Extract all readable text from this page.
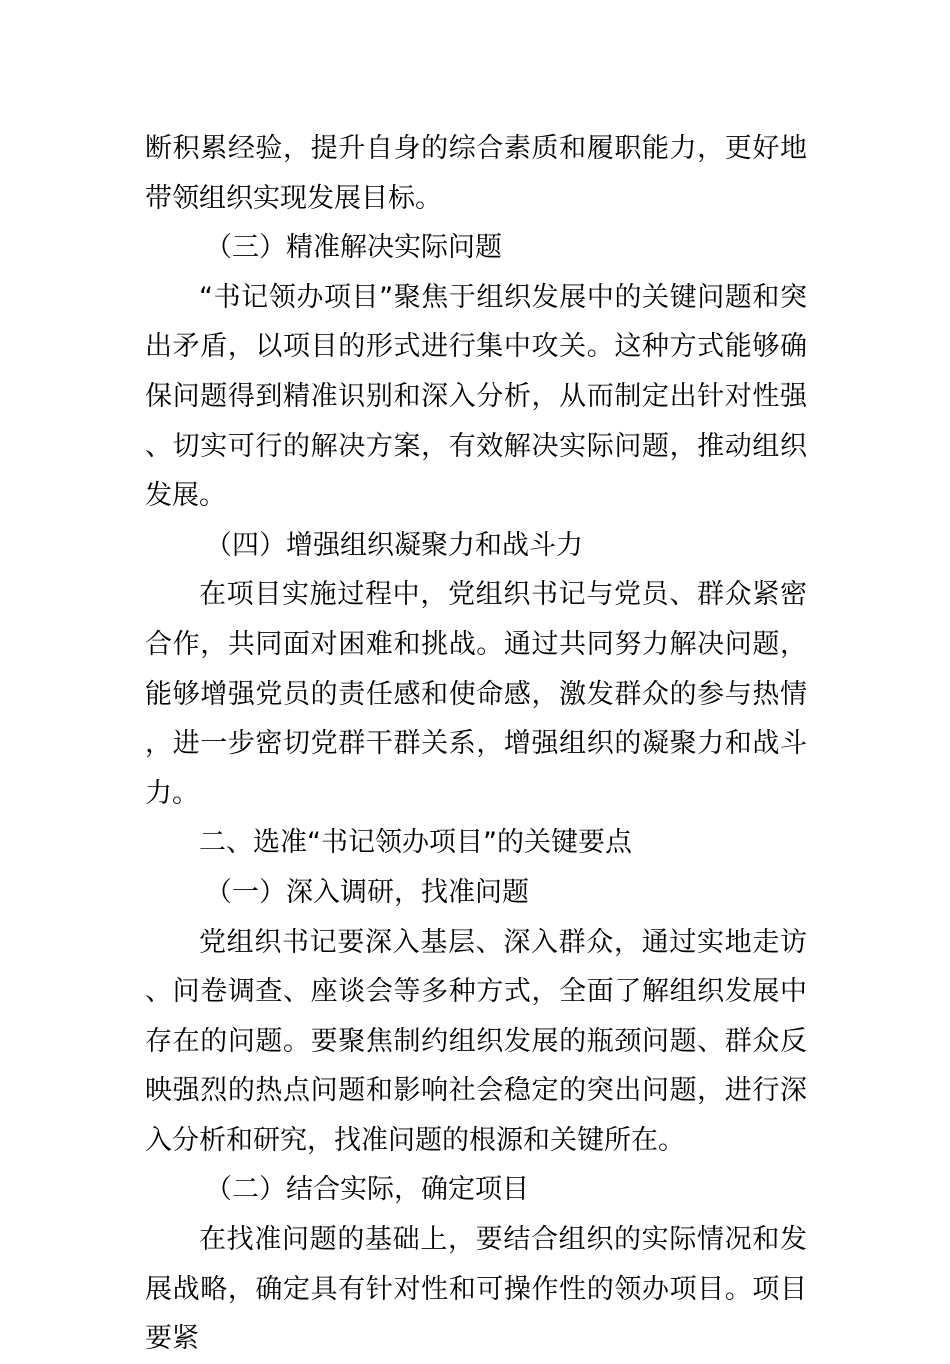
断积累经验，提升自身的综合素质和履职能力，更好地带领组织实现发展目标。

（三）精准解决实际问题

“书记领办项目”聚焦于组织发展中的关键问题和突出矛盾，以项目的形式进行集中攻关。这种方式能够确保问题得到精准识别和深入分析，从而制定出针对性强、切实可行的解决方案，有效解决实际问题，推动组织发展。

（四）增强组织凝聚力和战斗力

在项目实施过程中，党组织书记与党员、群众紧密合作，共同面对困难和挑战。通过共同努力解决问题，能够增强党员的责任感和使命感，激发群众的参与热情，进一步密切党群干群关系，增强组织的凝聚力和战斗力。

二、选准“书记领办项目”的关键要点

（一）深入调研，找准问题

党组织书记要深入基层、深入群众，通过实地走访、问卷调查、座谈会等多种方式，全面了解组织发展中存在的问题。要聚焦制约组织发展的瓶颈问题、群众反映强烈的热点问题和影响社会稳定的突出问题，进行深入分析和研究，找准问题的根源和关键所在。

（二）结合实际，确定项目

在找准问题的基础上，要结合组织的实际情况和发展战略，确定具有针对性和可操作性的领办项目。项目要紧
